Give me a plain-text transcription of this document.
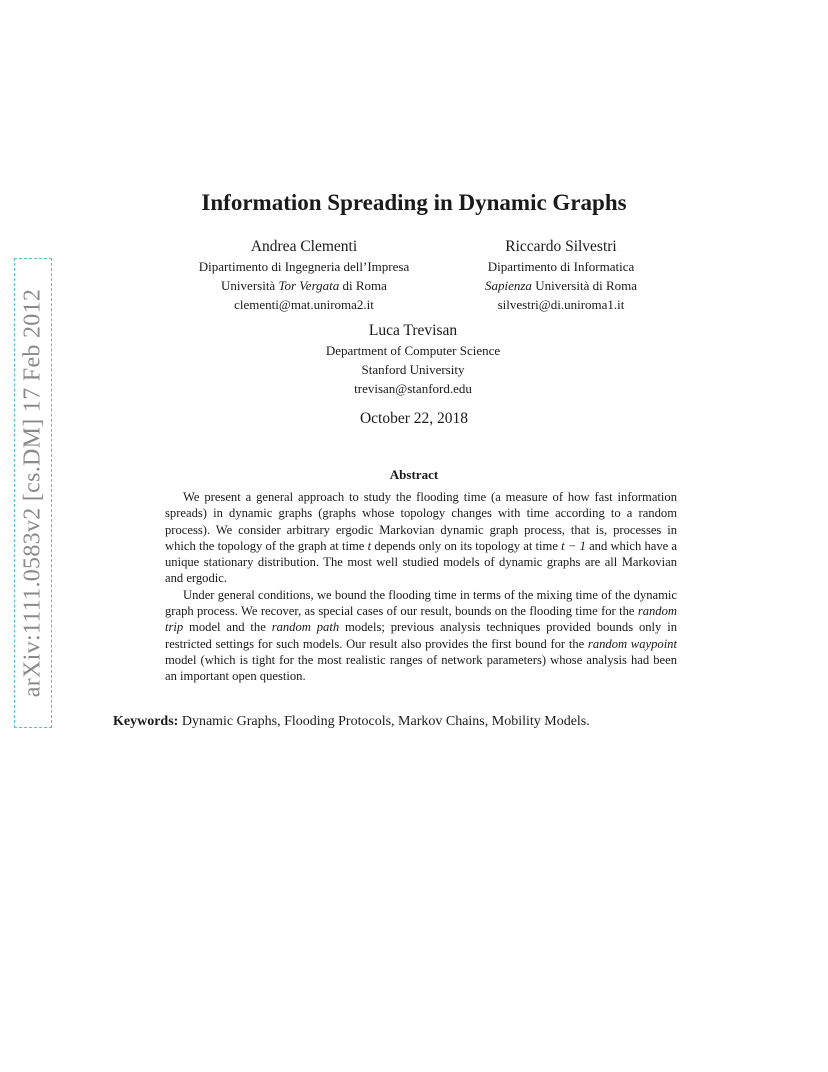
arXiv:1111.0583v2 [cs.DM] 17 Feb 2012
Information Spreading in Dynamic Graphs
Andrea Clementi
Dipartimento di Ingegneria dell’Impresa
Università Tor Vergata di Roma
clementi@mat.uniroma2.it
Riccardo Silvestri
Dipartimento di Informatica
Sapienza Università di Roma
silvestri@di.uniroma1.it
Luca Trevisan
Department of Computer Science
Stanford University
trevisan@stanford.edu
October 22, 2018
Abstract

We present a general approach to study the flooding time (a measure of how fast information spreads) in dynamic graphs (graphs whose topology changes with time according to a random process). We consider arbitrary ergodic Markovian dynamic graph process, that is, processes in which the topology of the graph at time t depends only on its topology at time t − 1 and which have a unique stationary distribution. The most well studied models of dynamic graphs are all Markovian and ergodic.

Under general conditions, we bound the flooding time in terms of the mixing time of the dynamic graph process. We recover, as special cases of our result, bounds on the flooding time for the random trip model and the random path models; previous analysis techniques provided bounds only in restricted settings for such models. Our result also provides the first bound for the random waypoint model (which is tight for the most realistic ranges of network parameters) whose analysis had been an important open question.

Keywords: Dynamic Graphs, Flooding Protocols, Markov Chains, Mobility Models.
